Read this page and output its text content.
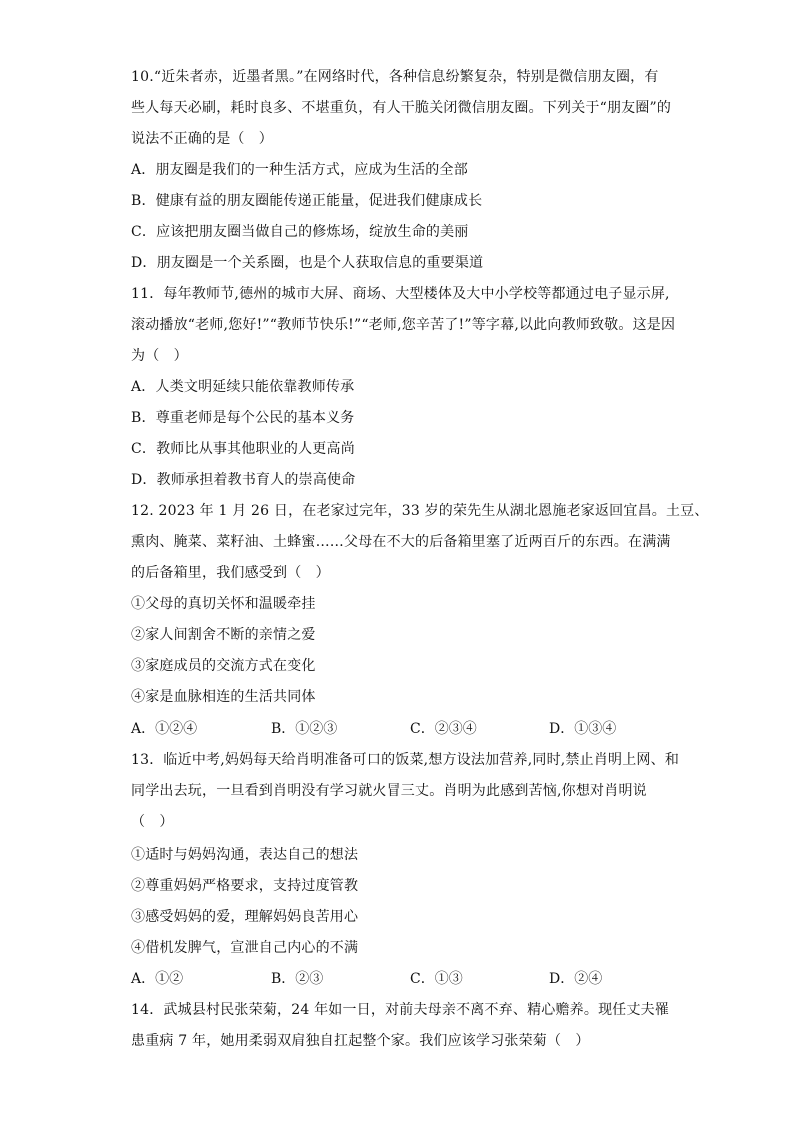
10.“近朱者赤，近墨者黑。”在网络时代，各种信息纷繁复杂，特别是微信朋友圈，有
些人每天必刷，耗时良多、不堪重负，有人干脆关闭微信朋友圈。下列关于“朋友圈”的
说法不正确的是（　）
A．朋友圈是我们的一种生活方式，应成为生活的全部
B．健康有益的朋友圈能传递正能量，促进我们健康成长
C．应该把朋友圈当做自己的修炼场，绽放生命的美丽
D．朋友圈是一个关系圈，也是个人获取信息的重要渠道
11．每年教师节,德州的城市大屏、商场、大型楼体及大中小学校等都通过电子显示屏,
滚动播放“老师,您好!”“教师节快乐!”“老师,您辛苦了!”等字幕,以此向教师致敬。这是因
为（　）
A．人类文明延续只能依靠教师传承
B．尊重老师是每个公民的基本义务
C．教师比从事其他职业的人更高尚
D．教师承担着教书育人的崇高使命
12. 2023 年 1 月 26 日，在老家过完年，33 岁的荣先生从湖北恩施老家返回宜昌。土豆、
熏肉、腌菜、菜籽油、土蜂蜜……父母在不大的后备箱里塞了近两百斤的东西。在满满
的后备箱里，我们感受到（　）
①父母的真切关怀和温暖牵挂
②家人间割舍不断的亲情之爱
③家庭成员的交流方式在变化
④家是血脉相连的生活共同体
A．①②④	B．①②③	C．②③④	D．①③④
13．临近中考,妈妈每天给肖明准备可口的饭菜,想方设法加营养,同时,禁止肖明上网、和
同学出去玩，一旦看到肖明没有学习就火冒三丈。肖明为此感到苦恼,你想对肖明说
（　）
①适时与妈妈沟通，表达自己的想法
②尊重妈妈严格要求，支持过度管教
③感受妈妈的爱，理解妈妈良苦用心
④借机发脾气，宣泄自己内心的不满
A．①②	B．②③	C．①③	D．②④
14．武城县村民张荣菊，24 年如一日，对前夫母亲不离不弃、精心赡养。现任丈夫罹
患重病 7 年，她用柔弱双肩独自扛起整个家。我们应该学习张荣菊（　）
